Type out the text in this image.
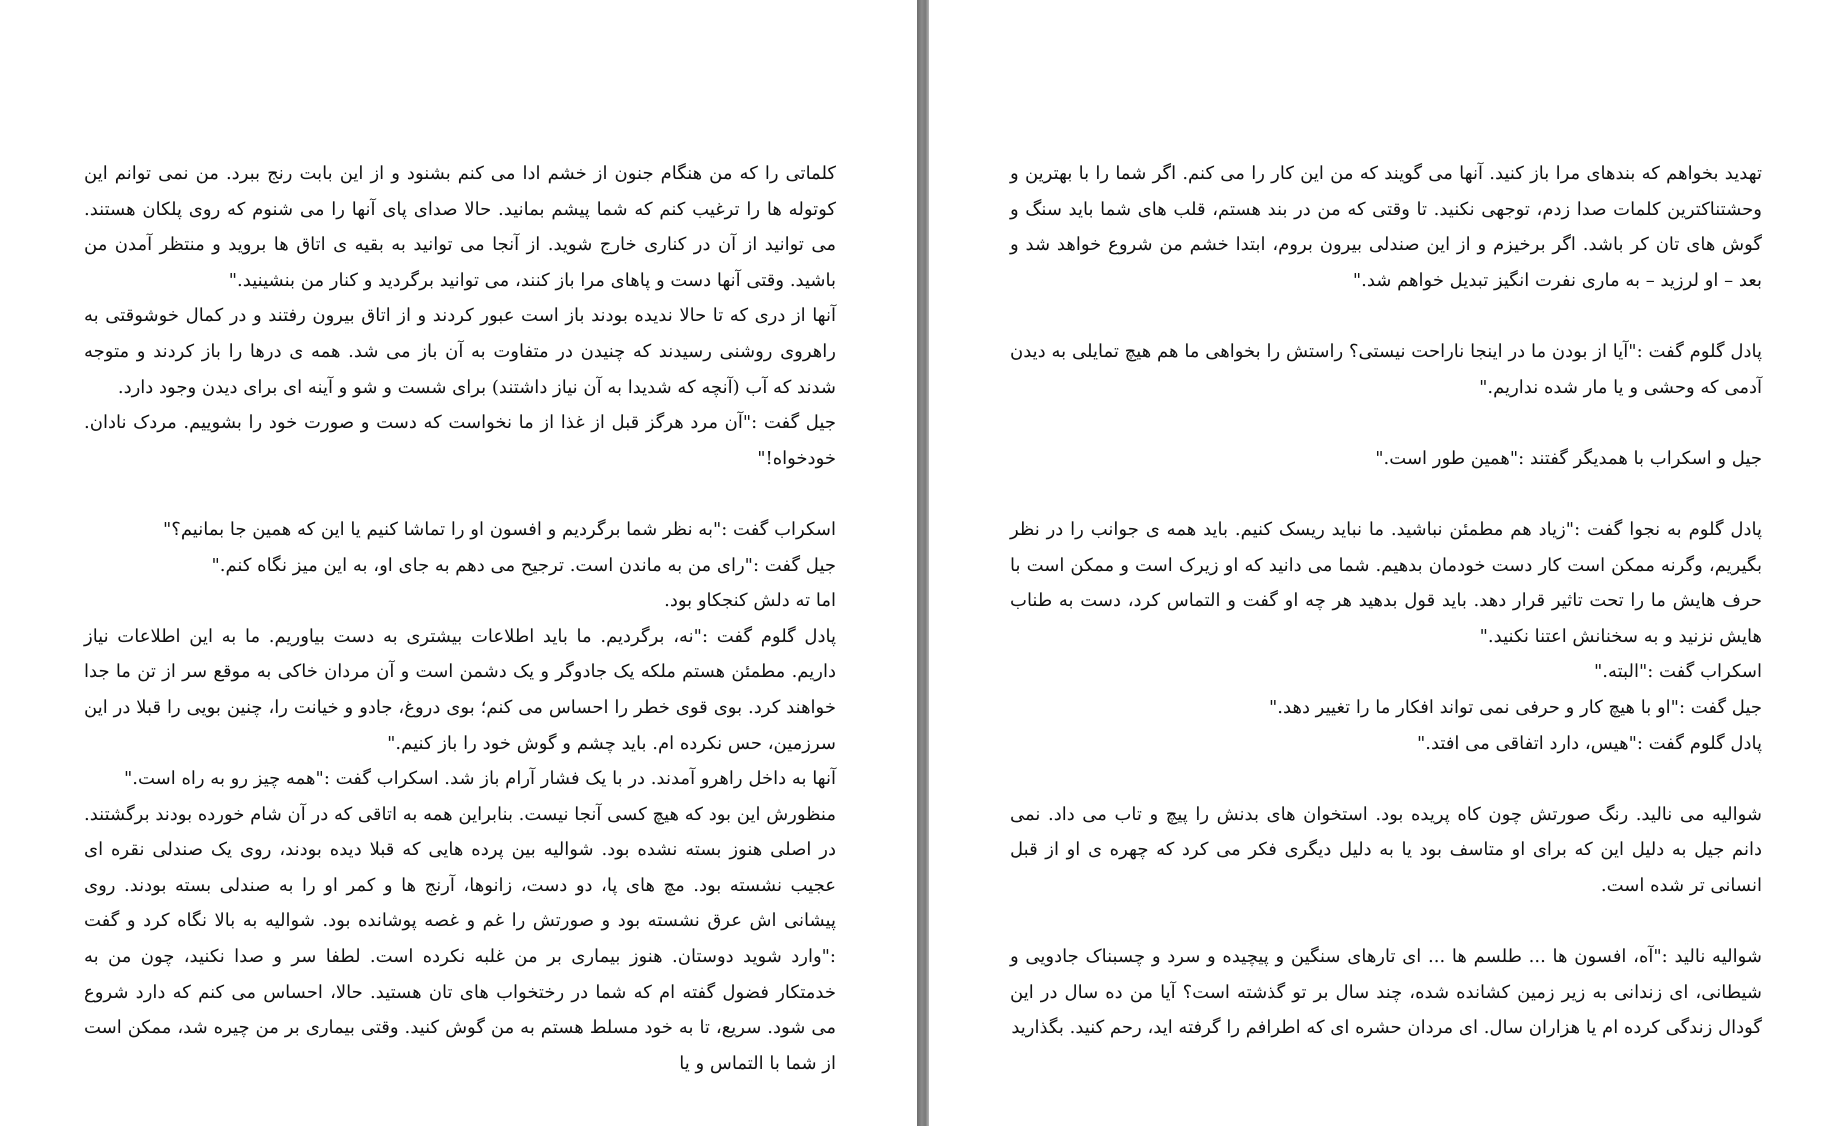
کلماتی را که من هنگام جنون از خشم ادا می کنم بشنود و از این بابت رنج ببرد. من نمی توانم این کوتوله ها را ترغیب کنم که شما پیشم بمانید. حالا صدای پای آنها را می شنوم که روی پلکان هستند. می توانید از آن در کناری خارج شوید. از آنجا می توانید به بقیه ی اتاق ها بروید و منتظر آمدن من باشید. وقتی آنها دست و پاهای مرا باز کنند، می توانید برگردید و کنار من بنشینید."

آنها از دری که تا حالا ندیده بودند باز است عبور کردند و از اتاق بیرون رفتند و در کمال خوشوقتی به راهروی روشنی رسیدند که چنیدن در متفاوت به آن باز می شد. همه ی درها را باز کردند و متوجه شدند که آب (آنچه که شدیدا به آن نیاز داشتند) برای شست و شو و آینه ای برای دیدن وجود دارد.

جیل گفت :"آن مرد هرگز قبل از غذا از ما نخواست که دست و صورت خود را بشوییم. مردک نادان. خودخواه!"

اسکراب گفت :"به نظر شما برگردیم و افسون او را تماشا کنیم یا این که همین جا بمانیم؟"

جیل گفت :"رای من به ماندن است. ترجیح می دهم به جای او، به این میز نگاه کنم."

اما ته دلش کنجکاو بود.

پادل گلوم گفت :"نه، برگردیم. ما باید اطلاعات بیشتری به دست بیاوریم. ما به این اطلاعات نیاز داریم. مطمئن هستم ملکه یک جادوگر و یک دشمن است و آن مردان خاکی به موقع سر از تن ما جدا خواهند کرد. بوی قوی خطر را احساس می کنم؛ بوی دروغ، جادو و خیانت را، چنین بویی را قبلا در این سرزمین، حس نکرده ام. باید چشم و گوش خود را باز کنیم."

آنها به داخل راهرو آمدند. در با یک فشار آرام باز شد. اسکراب گفت :"همه چیز رو به راه است."

منظورش این بود که هیچ کسی آنجا نیست. بنابراین همه به اتاقی که در آن شام خورده بودند برگشتند. در اصلی هنوز بسته نشده بود. شوالیه بین پرده هایی که قبلا دیده بودند، روی یک صندلی نقره ای عجیب نشسته بود. مچ های پا، دو دست، زانوها، آرنج ها و کمر او را به صندلی بسته بودند. روی پیشانی اش عرق نشسته بود و صورتش را غم و غصه پوشانده بود. شوالیه به بالا نگاه کرد و گفت :"وارد شوید دوستان. هنوز بیماری بر من غلبه نکرده است. لطفا سر و صدا نکنید، چون من به خدمتکار فضول گفته ام که شما در رختخواب های تان هستید. حالا، احساس می کنم که دارد شروع می شود. سریع، تا به خود مسلط هستم به من گوش کنید. وقتی بیماری بر من چیره شد، ممکن است از شما با التماس و یا

تهدید بخواهم که بندهای مرا باز کنید. آنها می گویند که من این کار را می کنم. اگر شما را با بهترین و وحشتناکترین کلمات صدا زدم، توجهی نکنید. تا وقتی که من در بند هستم، قلب های شما باید سنگ و گوش های تان کر باشد. اگر برخیزم و از این صندلی بیرون بروم، ابتدا خشم من شروع خواهد شد و بعد – او لرزید – به ماری نفرت انگیز تبدیل خواهم شد."

پادل گلوم گفت :"آیا از بودن ما در اینجا ناراحت نیستی؟ راستش را بخواهی ما هم هیچ تمایلی به دیدن آدمی که وحشی و یا مار شده نداریم."

جیل و اسکراب با همدیگر گفتند :"همین طور است."

پادل گلوم به نجوا گفت :"زیاد هم مطمئن نباشید. ما نباید ریسک کنیم. باید همه ی جوانب را در نظر بگیریم، وگرنه ممکن است کار دست خودمان بدهیم. شما می دانید که او زیرک است و ممکن است با حرف هایش ما را تحت تاثیر قرار دهد. باید قول بدهید هر چه او گفت و التماس کرد، دست به طناب هایش نزنید و به سخنانش اعتنا نکنید."

اسکراب گفت :"البته."

جیل گفت :"او با هیچ کار و حرفی نمی تواند افکار ما را تغییر دهد."

پادل گلوم گفت :"هیس، دارد اتفاقی می افتد."

شوالیه می نالید. رنگ صورتش چون کاه پریده بود. استخوان های بدنش را پیچ و تاب می داد. نمی دانم جیل به دلیل این که برای او متاسف بود یا به دلیل دیگری فکر می کرد که چهره ی او از قبل انسانی تر شده است.

شوالیه نالید :"آه، افسون ها ... طلسم ها ... ای تارهای سنگین و پیچیده و سرد و چسبناک جادویی و شیطانی، ای زندانی به زیر زمین کشانده شده، چند سال بر تو گذشته است؟ آیا من ده سال در این گودال زندگی کرده ام یا هزاران سال. ای مردان حشره ای که اطرافم را گرفته اید، رحم کنید. بگذارید
